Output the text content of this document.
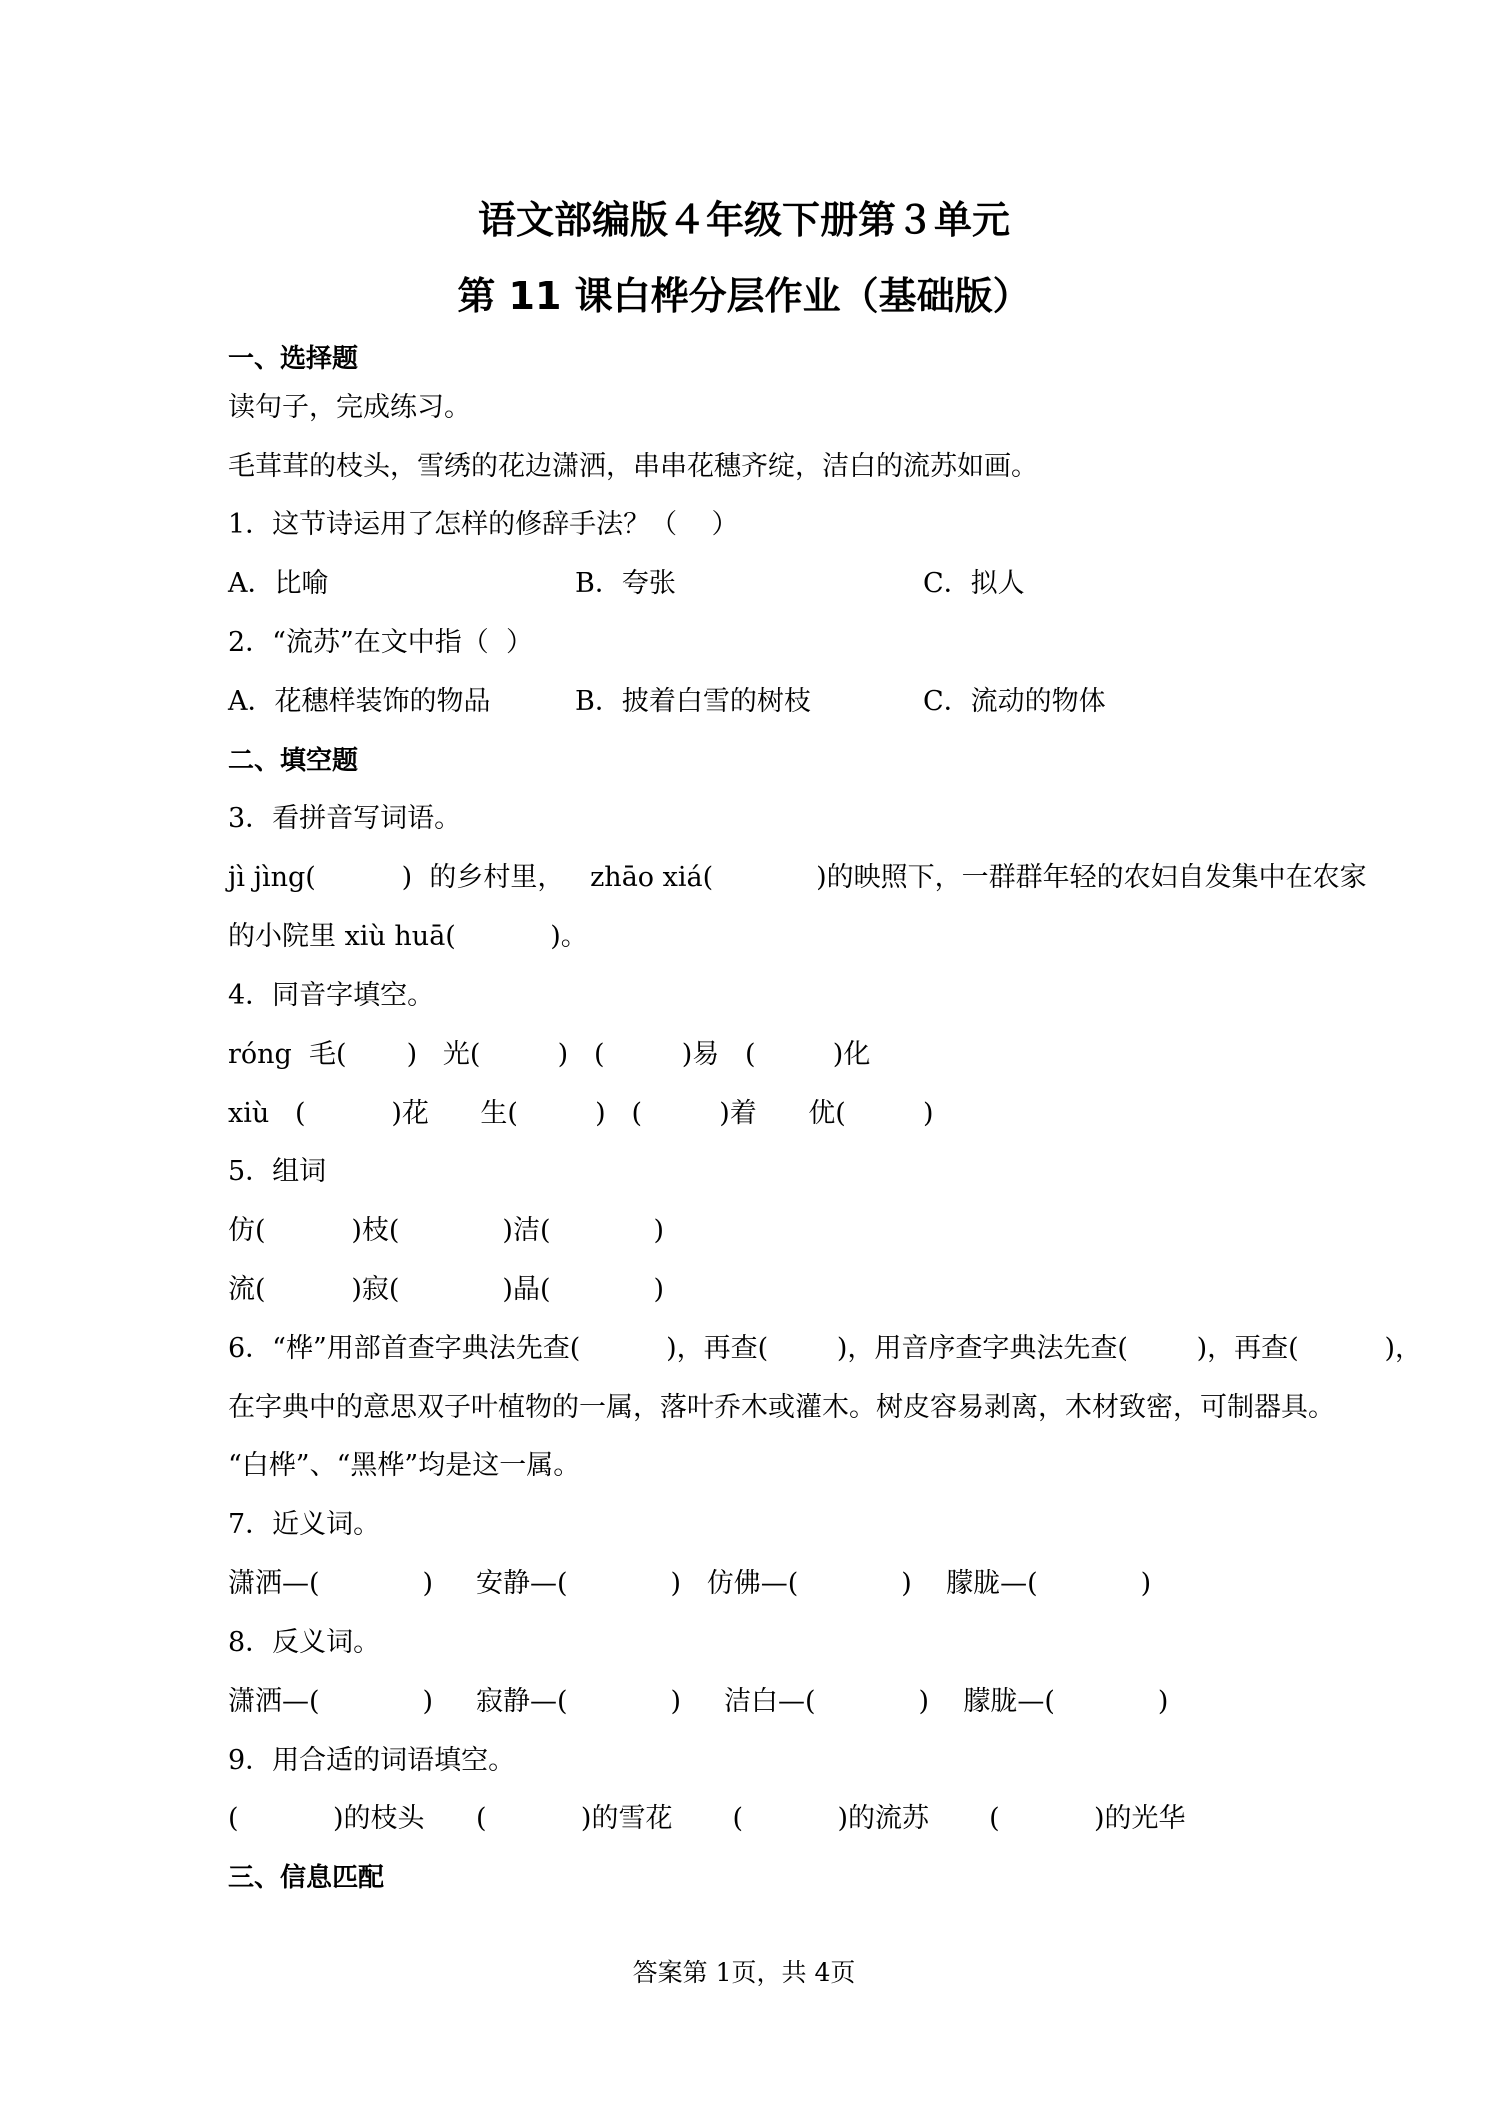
语文部编版４年级下册第３单元
第 11 课白桦分层作业（基础版）
一、选择题
读句子，完成练习。
毛茸茸的枝头，雪绣的花边潇洒，串串花穗齐绽，洁白的流苏如画。
1．这节诗运用了怎样的修辞手法？（    ）
A．比喻	B．夸张	C．拟人
2．“流苏”在文中指（  ）
A．花穗样装饰的物品	B．披着白雪的树枝	C．流动的物体
二、填空题
3．看拼音写词语。
jì jìng(          )  的乡村里，   zhāo xiá(            )的映照下，一群群年轻的农妇自发集中在农家
的小院里 xiù huā(           )。
4．同音字填空。
róng  毛(       )   光(         )   (         )易   (         )化
xiù   (          )花      生(         )   (         )着      优(         )
5．组词
仿(          )枝(            )洁(            )
流(          )寂(            )晶(            )
6．“桦”用部首查字典法先查(          )，再查(        )，用音序查字典法先查(        )，再查(          )，
在字典中的意思双子叶植物的一属，落叶乔木或灌木。树皮容易剥离，木材致密，可制器具。
“白桦”、“黑桦”均是这一属。
7．近义词。
潇洒—(            )     安静—(            )   仿佛—(            )    朦胧—(            )
8．反义词。
潇洒—(            )     寂静—(            )     洁白—(            )    朦胧—(            )
9．用合适的词语填空。
(           )的枝头      (           )的雪花       (           )的流苏       (           )的光华
三、信息匹配
答案第 1页，共 4页
